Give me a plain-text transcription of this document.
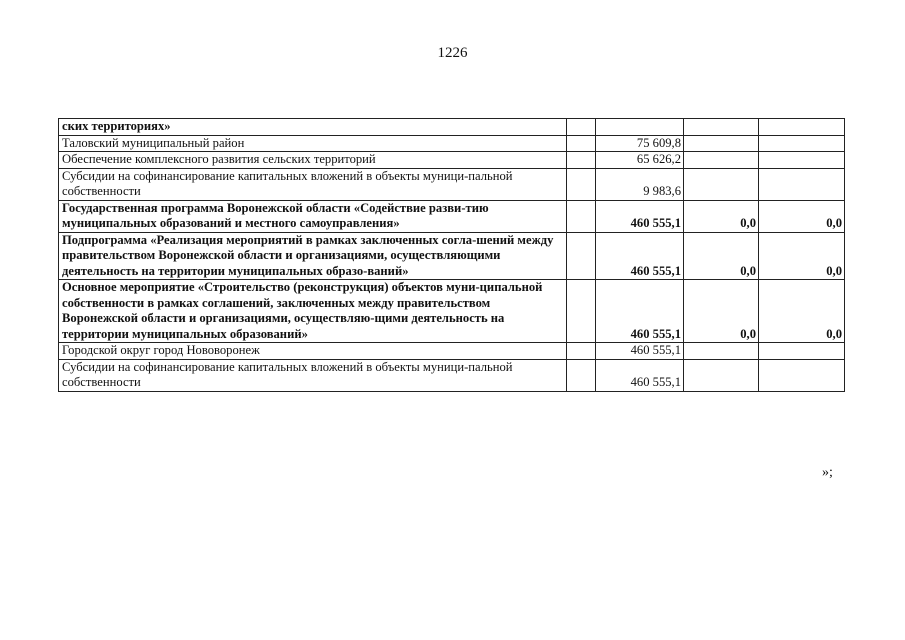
1226
ских территориях»				
Таловский муниципальный район		75 609,8		
Обеспечение комплексного развития сельских территорий		65 626,2		
Субсидии на софинансирование капитальных вложений в объекты муници-пальной собственности		9 983,6		
Государственная программа Воронежской области «Содействие разви-тию муниципальных образований и местного самоуправления»		460 555,1	0,0	0,0
Подпрограмма «Реализация мероприятий в рамках заключенных согла-шений между правительством Воронежской области и организациями, осуществляющими деятельность на территории муниципальных образо-ваний»		460 555,1	0,0	0,0
Основное мероприятие «Строительство (реконструкция) объектов муни-ципальной собственности в рамках соглашений, заключенных между правительством Воронежской области и организациями, осуществляю-щими деятельность на территории муниципальных образований»		460 555,1	0,0	0,0
Городской округ город Нововоронеж		460 555,1		
Субсидии на софинансирование капитальных вложений в объекты муници-пальной собственности		460 555,1		
»;
